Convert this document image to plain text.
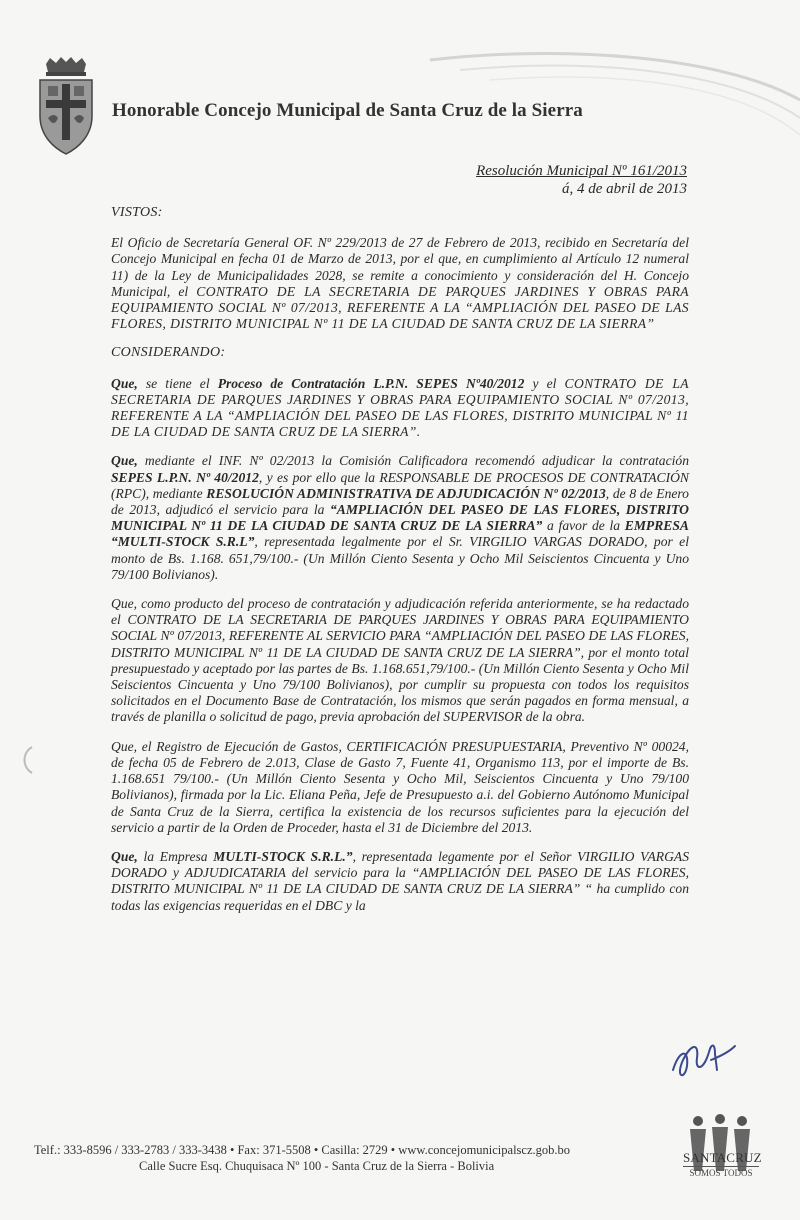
Honorable Concejo Municipal de Santa Cruz de la Sierra
Resolución Municipal Nº 161/2013
á, 4 de abril de 2013
VISTOS:

El Oficio de Secretaría General OF. Nº 229/2013 de 27 de Febrero de 2013, recibido en Secretaría del Concejo Municipal en fecha 01 de Marzo de 2013, por el que, en cumplimiento al Artículo 12 numeral 11) de la Ley de Municipalidades 2028, se remite a conocimiento y consideración del H. Concejo Municipal, el CONTRATO DE LA SECRETARIA DE PARQUES JARDINES Y OBRAS PARA EQUIPAMIENTO SOCIAL Nº 07/2013, REFERENTE A LA “AMPLIACIÓN DEL PASEO DE LAS FLORES, DISTRITO MUNICIPAL Nº 11 DE LA CIUDAD DE SANTA CRUZ DE LA SIERRA”

CONSIDERANDO:

Que, se tiene el Proceso de Contratación L.P.N. SEPES Nº40/2012 y el CONTRATO DE LA SECRETARIA DE PARQUES JARDINES Y OBRAS PARA EQUIPAMIENTO SOCIAL Nº 07/2013, REFERENTE A LA “AMPLIACIÓN DEL PASEO DE LAS FLORES, DISTRITO MUNICIPAL Nº 11 DE LA CIUDAD DE SANTA CRUZ DE LA SIERRA”.

Que, mediante el INF. Nº 02/2013 la Comisión Calificadora recomendó adjudicar la contratación SEPES L.P.N. Nº 40/2012, y es por ello que la RESPONSABLE DE PROCESOS DE CONTRATACIÓN (RPC), mediante RESOLUCIÓN ADMINISTRATIVA DE ADJUDICACIÓN Nº 02/2013, de 8 de Enero de 2013, adjudicó el servicio para la “AMPLIACIÓN DEL PASEO DE LAS FLORES, DISTRITO MUNICIPAL Nº 11 DE LA CIUDAD DE SANTA CRUZ DE LA SIERRA” a favor de la EMPRESA “MULTI-STOCK S.R.L”, representada legalmente por el Sr. VIRGILIO VARGAS DORADO, por el monto de Bs. 1.168. 651,79/100.- (Un Millón Ciento Sesenta y Ocho Mil Seiscientos Cincuenta y Uno 79/100 Bolivianos).

Que, como producto del proceso de contratación y adjudicación referida anteriormente, se ha redactado el CONTRATO DE LA SECRETARIA DE PARQUES JARDINES Y OBRAS PARA EQUIPAMIENTO SOCIAL Nº 07/2013, REFERENTE AL SERVICIO PARA “AMPLIACIÓN DEL PASEO DE LAS FLORES, DISTRITO MUNICIPAL Nº 11 DE LA CIUDAD DE SANTA CRUZ DE LA SIERRA”, por el monto total presupuestado y aceptado por las partes de Bs. 1.168.651,79/100.- (Un Millón Ciento Sesenta y Ocho Mil Seiscientos Cincuenta y Uno 79/100 Bolivianos), por cumplir su propuesta con todos los requisitos solicitados en el Documento Base de Contratación, los mismos que serán pagados en forma mensual, a través de planilla o solicitud de pago, previa aprobación del SUPERVISOR de la obra.

Que, el Registro de Ejecución de Gastos, CERTIFICACIÓN PRESUPUESTARIA, Preventivo Nº 00024, de fecha 05 de Febrero de 2.013, Clase de Gasto 7, Fuente 41, Organismo 113, por el importe de Bs. 1.168.651 79/100.- (Un Millón Ciento Sesenta y Ocho Mil, Seiscientos Cincuenta y Uno 79/100 Bolivianos), firmada por la Lic. Eliana Peña, Jefe de Presupuesto a.i. del Gobierno Autónomo Municipal de Santa Cruz de la Sierra, certifica la existencia de los recursos suficientes para la ejecución del servicio a partir de la Orden de Proceder, hasta el 31 de Diciembre del 2013.

Que, la Empresa MULTI-STOCK S.R.L.”, representada legamente por el Señor VIRGILIO VARGAS DORADO y ADJUDICATARIA del servicio para la “AMPLIACIÓN DEL PASEO DE LAS FLORES, DISTRITO MUNICIPAL Nº 11 DE LA CIUDAD DE SANTA CRUZ DE LA SIERRA” “ ha cumplido con todas las exigencias requeridas en el DBC y la

Telf.: 333-8596 / 333-2783 / 333-3438 • Fax: 371-5508 • Casilla: 2729 • www.concejomunicipalscz.gob.bo
Calle Sucre Esq. Chuquisaca Nº 100 - Santa Cruz de la Sierra - Bolivia
SANTACRUZ
SOMOS TODOS
